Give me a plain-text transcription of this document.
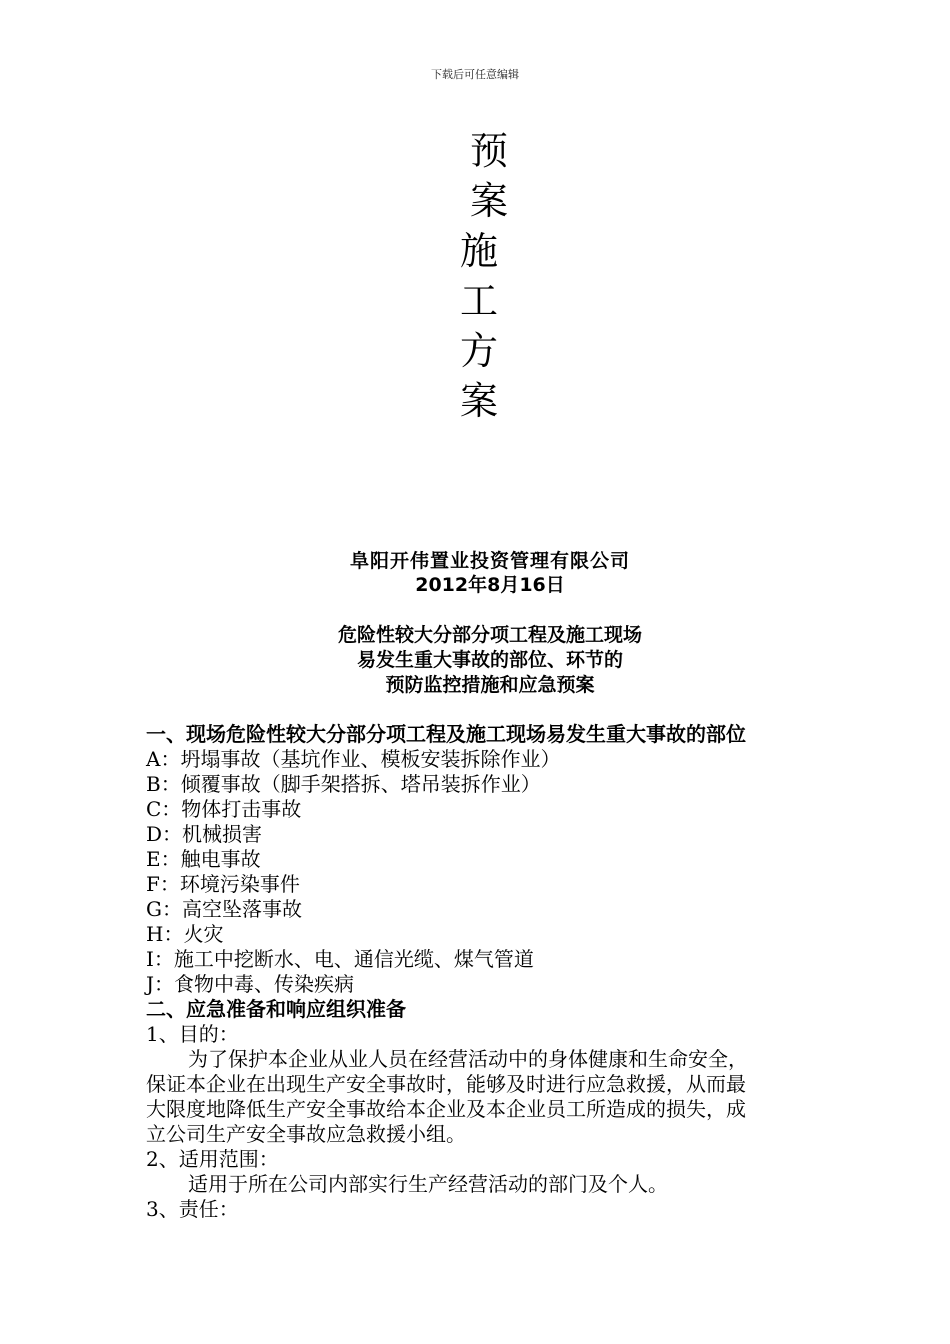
下载后可任意编辑
预
案
施
工
方
案
阜阳开伟置业投资管理有限公司
2012年8月16日
危险性较大分部分项工程及施工现场
易发生重大事故的部位、环节的
预防监控措施和应急预案
一、现场危险性较大分部分项工程及施工现场易发生重大事故的部位
A：坍塌事故（基坑作业、模板安装拆除作业）
B：倾覆事故（脚手架搭拆、塔吊装拆作业）
C：物体打击事故
D：机械损害
E：触电事故
F：环境污染事件
G：高空坠落事故
H：火灾
I：施工中挖断水、电、通信光缆、煤气管道
J：食物中毒、传染疾病
二、应急准备和响应组织准备
1、目的：
为了保护本企业从业人员在经营活动中的身体健康和生命安全，
保证本企业在出现生产安全事故时，能够及时进行应急救援，从而最
大限度地降低生产安全事故给本企业及本企业员工所造成的损失，成
立公司生产安全事故应急救援小组。
2、适用范围：
适用于所在公司内部实行生产经营活动的部门及个人。
3、责任：
